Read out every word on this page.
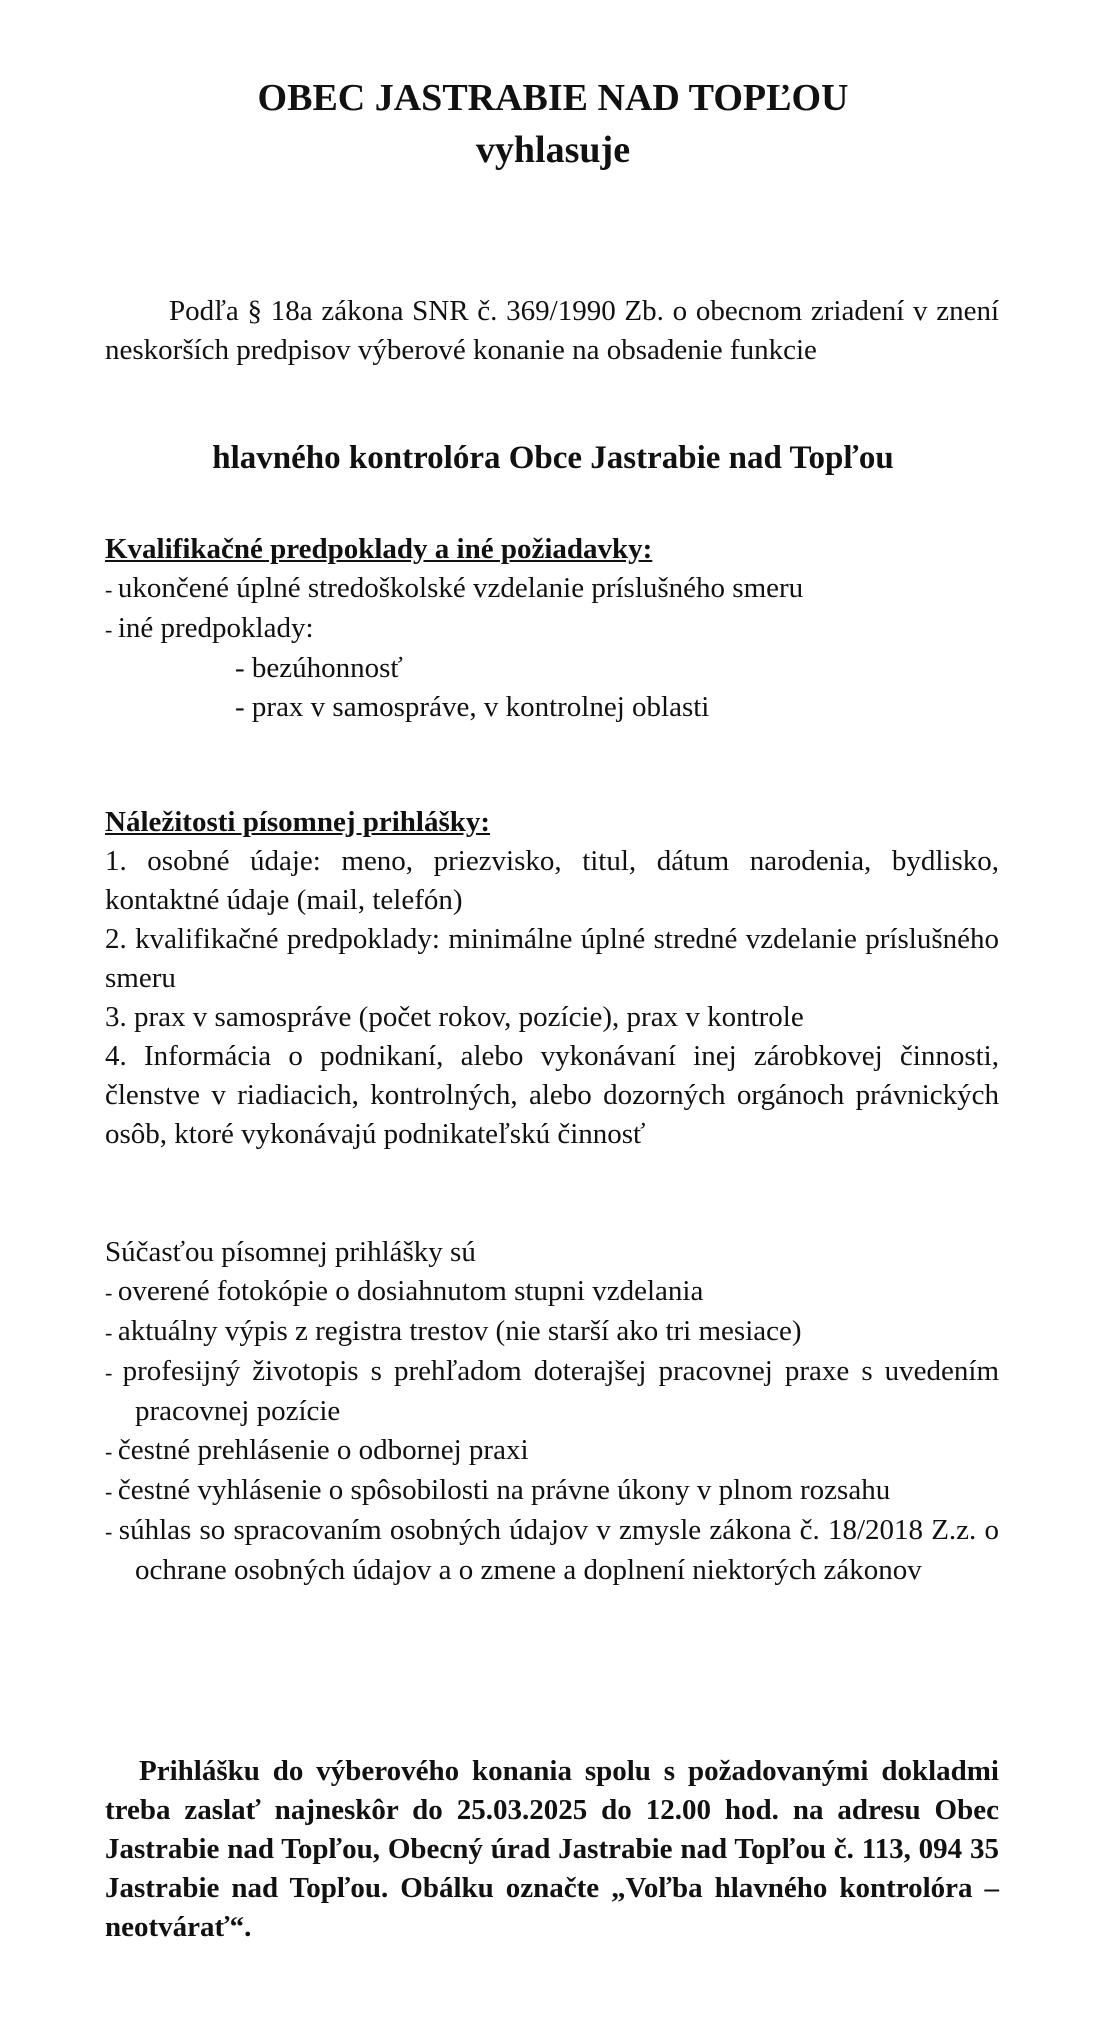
OBEC JASTRABIE NAD TOPĽOU
vyhlasuje
Podľa § 18a zákona SNR č. 369/1990 Zb. o obecnom zriadení v znení neskorších predpisov výberové konanie na obsadenie funkcie
hlavného kontrolóra Obce Jastrabie nad Topľou
Kvalifikačné predpoklady a iné požiadavky:
- ukončené úplné stredoškolské vzdelanie príslušného smeru
- iné predpoklady:
- bezúhonnosť
- prax v samospráve, v kontrolnej oblasti
Náležitosti písomnej prihlášky:
1. osobné údaje: meno, priezvisko, titul, dátum narodenia, bydlisko, kontaktné údaje (mail, telefón)
2. kvalifikačné predpoklady: minimálne úplné stredné vzdelanie príslušného smeru
3. prax v samospráve (počet rokov, pozície), prax v kontrole
4. Informácia o podnikaní, alebo vykonávaní inej zárobkovej činnosti, členstve v riadiacich, kontrolných, alebo dozorných orgánoch právnických osôb, ktoré vykonávajú podnikateľskú činnosť
Súčasťou písomnej prihlášky sú
- overené fotokópie o dosiahnutom stupni vzdelania
- aktuálny výpis z registra trestov (nie starší ako tri mesiace)
- profesijný životopis s prehľadom doterajšej pracovnej praxe s uvedením pracovnej pozície
- čestné prehlásenie o odbornej praxi
- čestné vyhlásenie o spôsobilosti na právne úkony v plnom rozsahu
- súhlas so spracovaním osobných údajov v zmysle zákona č. 18/2018 Z.z. o ochrane osobných údajov a o zmene a doplnení niektorých zákonov
Prihlášku do výberového konania spolu s požadovanými dokladmi treba zaslať najneskôr do 25.03.2025 do 12.00 hod. na adresu Obec Jastrabie nad Topľou, Obecný úrad Jastrabie nad Topľou č. 113, 094 35 Jastrabie nad Topľou. Obálku označte „Voľba hlavného kontrolóra – neotvárať“.
